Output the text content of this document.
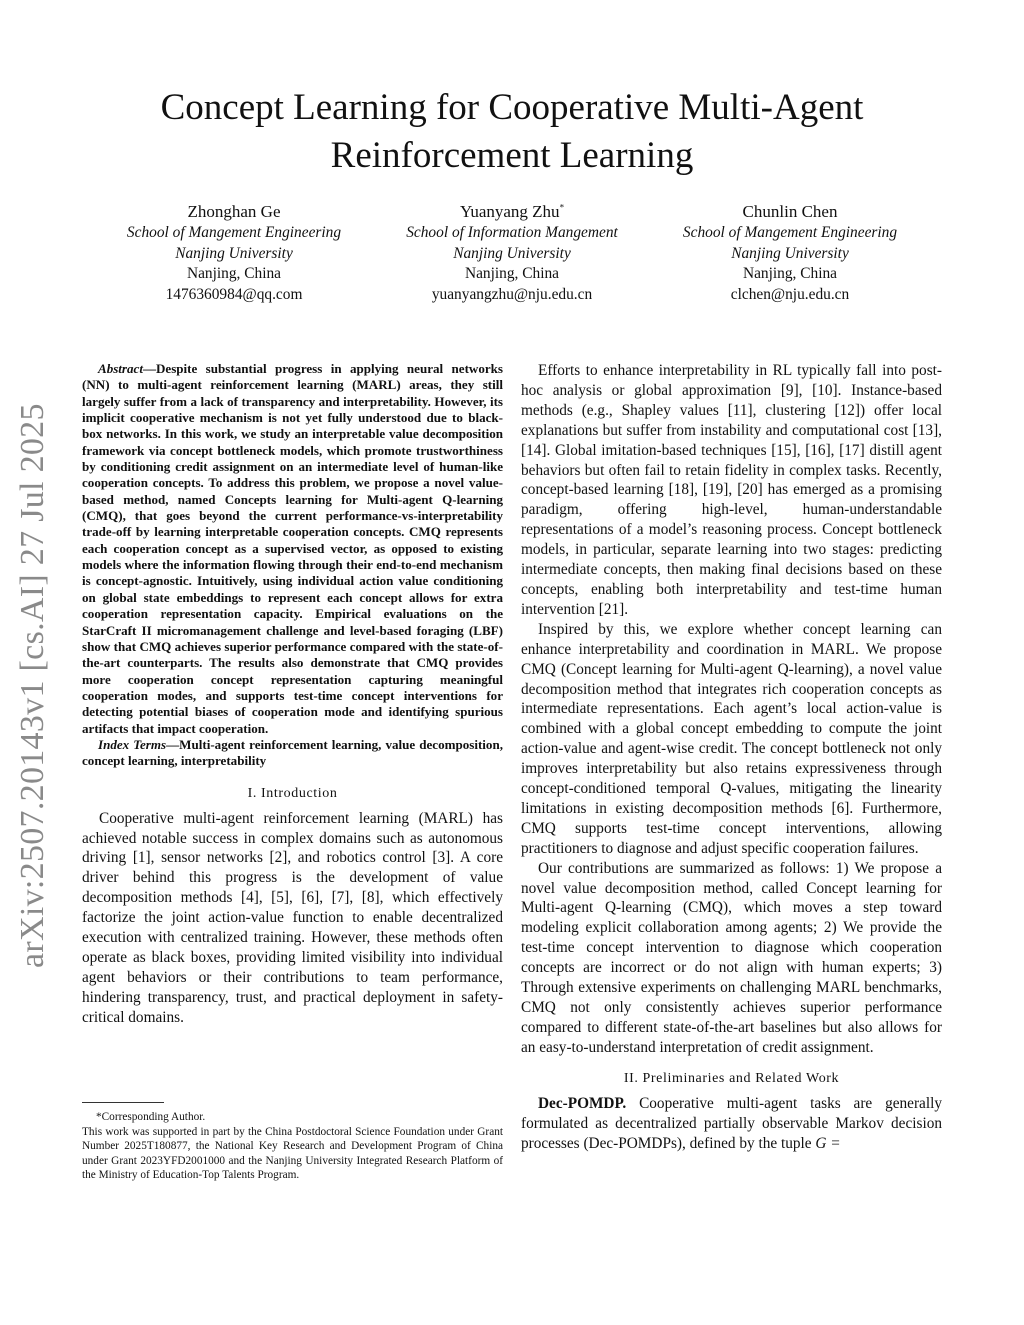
arXiv:2507.20143v1 [cs.AI] 27 Jul 2025
Concept Learning for Cooperative Multi-Agent
Reinforcement Learning
Zhonghan Ge
School of Mangement Engineering
Nanjing University
Nanjing, China
1476360984@qq.com
Yuanyang Zhu*
School of Information Mangement
Nanjing University
Nanjing, China
yuanyangzhu@nju.edu.cn
Chunlin Chen
School of Mangement Engineering
Nanjing University
Nanjing, China
clchen@nju.edu.cn

Abstract—Despite substantial progress in applying neural networks (NN) to multi-agent reinforcement learning (MARL) areas, they still largely suffer from a lack of transparency and interpretability. However, its implicit cooperative mechanism is not yet fully understood due to black-box networks. In this work, we study an interpretable value decomposition framework via concept bottleneck models, which promote trustworthiness by conditioning credit assignment on an intermediate level of human-like cooperation concepts. To address this problem, we propose a novel value-based method, named Concepts learning for Multi-agent Q-learning (CMQ), that goes beyond the current performance-vs-interpretability trade-off by learning interpretable cooperation concepts. CMQ represents each cooperation concept as a supervised vector, as opposed to existing models where the information flowing through their end-to-end mechanism is concept-agnostic. Intuitively, using individual action value conditioning on global state embeddings to represent each concept allows for extra cooperation representation capacity. Empirical evaluations on the StarCraft II micromanagement challenge and level-based foraging (LBF) show that CMQ achieves superior performance compared with the state-of-the-art counterparts. The results also demonstrate that CMQ provides more cooperation concept representation capturing meaningful cooperation modes, and supports test-time concept interventions for detecting potential biases of cooperation mode and identifying spurious artifacts that impact cooperation.

Index Terms—Multi-agent reinforcement learning, value decomposition, concept learning, interpretability

I. Introduction

Cooperative multi-agent reinforcement learning (MARL) has achieved notable success in complex domains such as autonomous driving [1], sensor networks [2], and robotics control [3]. A core driver behind this progress is the development of value decomposition methods [4], [5], [6], [7], [8], which effectively factorize the joint action-value function to enable decentralized execution with centralized training. However, these methods often operate as black boxes, providing limited visibility into individual agent behaviors or their contributions to team performance, hindering transparency, trust, and practical deployment in safety-critical domains.

*Corresponding Author.

This work was supported in part by the China Postdoctoral Science Foundation under Grant Number 2025T180877, the National Key Research and Development Program of China under Grant 2023YFD2001000 and the Nanjing University Integrated Research Platform of the Ministry of Education-Top Talents Program.

Efforts to enhance interpretability in RL typically fall into post-hoc analysis or global approximation [9], [10]. Instance-based methods (e.g., Shapley values [11], clustering [12]) offer local explanations but suffer from instability and computational cost [13], [14]. Global imitation-based techniques [15], [16], [17] distill agent behaviors but often fail to retain fidelity in complex tasks. Recently, concept-based learning [18], [19], [20] has emerged as a promising paradigm, offering high-level, human-understandable representations of a model’s reasoning process. Concept bottleneck models, in particular, separate learning into two stages: predicting intermediate concepts, then making final decisions based on these concepts, enabling both interpretability and test-time human intervention [21].

Inspired by this, we explore whether concept learning can enhance interpretability and coordination in MARL. We propose CMQ (Concept learning for Multi-agent Q-learning), a novel value decomposition method that integrates rich cooperation concepts as intermediate representations. Each agent’s local action-value is combined with a global concept embedding to compute the joint action-value and agent-wise credit. The concept bottleneck not only improves interpretability but also retains expressiveness through concept-conditioned temporal Q-values, mitigating the linearity limitations in existing decomposition methods [6]. Furthermore, CMQ supports test-time concept interventions, allowing practitioners to diagnose and adjust specific cooperation failures.

Our contributions are summarized as follows: 1) We propose a novel value decomposition method, called Concept learning for Multi-agent Q-learning (CMQ), which moves a step toward modeling explicit collaboration among agents; 2) We provide the test-time concept intervention to diagnose which cooperation concepts are incorrect or do not align with human experts; 3) Through extensive experiments on challenging MARL benchmarks, CMQ not only consistently achieves superior performance compared to different state-of-the-art baselines but also allows for an easy-to-understand interpretation of credit assignment.

II. Preliminaries and Related Work

Dec-POMDP. Cooperative multi-agent tasks are generally formulated as decentralized partially observable Markov decision processes (Dec-POMDPs), defined by the tuple G =
